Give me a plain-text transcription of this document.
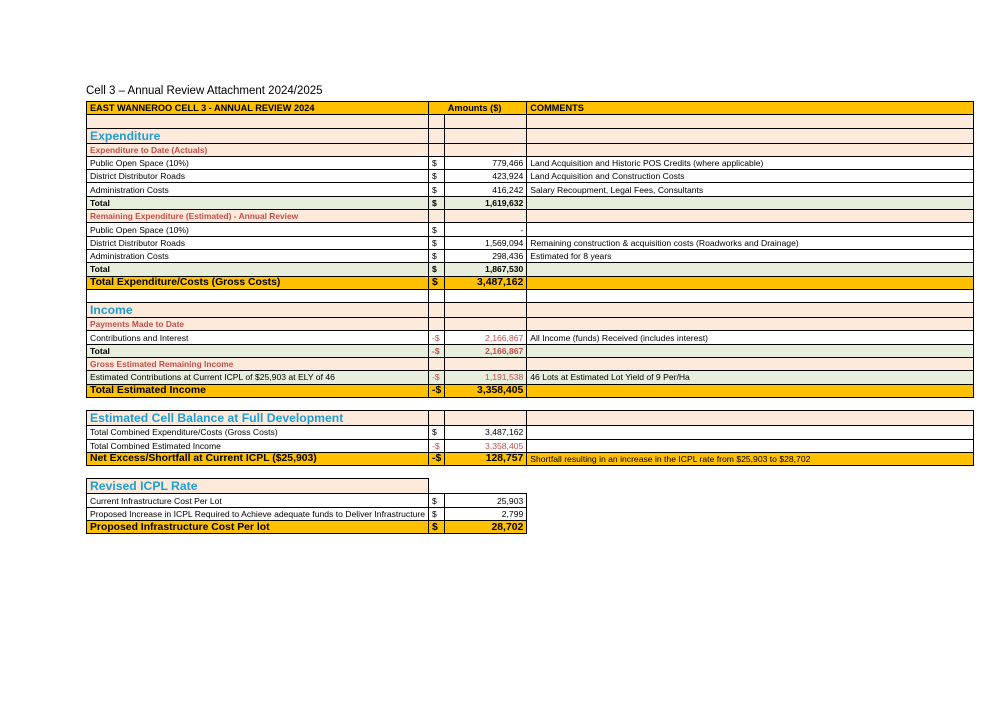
Cell 3 – Annual Review Attachment 2024/2025
EAST WANNEROO CELL 3 - ANNUAL REVIEW 2024		Amounts ($)	COMMENTS

Expenditure			
Expenditure to Date (Actuals)			
Public Open Space (10%)	$	779,466	Land Acquisition and Historic POS Credits (where applicable)
District Distributor Roads	$	423,924	Land Acquisition and Construction Costs
Administration Costs	$	416,242	Salary Recoupment, Legal Fees, Consultants
Total	$	1,619,632	
Remaining Expenditure (Estimated) - Annual Review			
Public Open Space (10%)	$	-	
District Distributor Roads	$	1,569,094	Remaining construction & acquisition costs (Roadworks and Drainage)
Administration Costs	$	298,436	Estimated for 8 years
Total	$	1,867,530	
Total Expenditure/Costs (Gross Costs)	$	3,487,162	

Income			
Payments Made to Date			
Contributions and Interest	-$	2,166,867	All Income (funds) Received (includes interest)
Total	-$	2,166,867	
Gross Estimated Remaining Income			
Estimated Contributions at Current ICPL of $25,903 at ELY of 46	-$	1,191,538	46 Lots at Estimated Lot Yield of 9 Per/Ha
Total Estimated Income	-$	3,358,405	

Estimated Cell Balance at Full Development			
Total Combined Expenditure/Costs (Gross Costs)	$	3,487,162	
Total Combined Estimated Income	-$	3,358,405	
Net Excess/Shortfall at Current ICPL ($25,903)	-$	128,757	Shortfall resulting in an increase in the ICPL rate from $25,903 to $28,702

Revised ICPL Rate			
Current Infrastructure Cost Per Lot	$	25,903	

Proposed Increase in ICPL Required to Achieve adequate funds to Deliver Infrastructure	$	2,799	
Proposed Infrastructure Cost Per lot	$	28,702	
